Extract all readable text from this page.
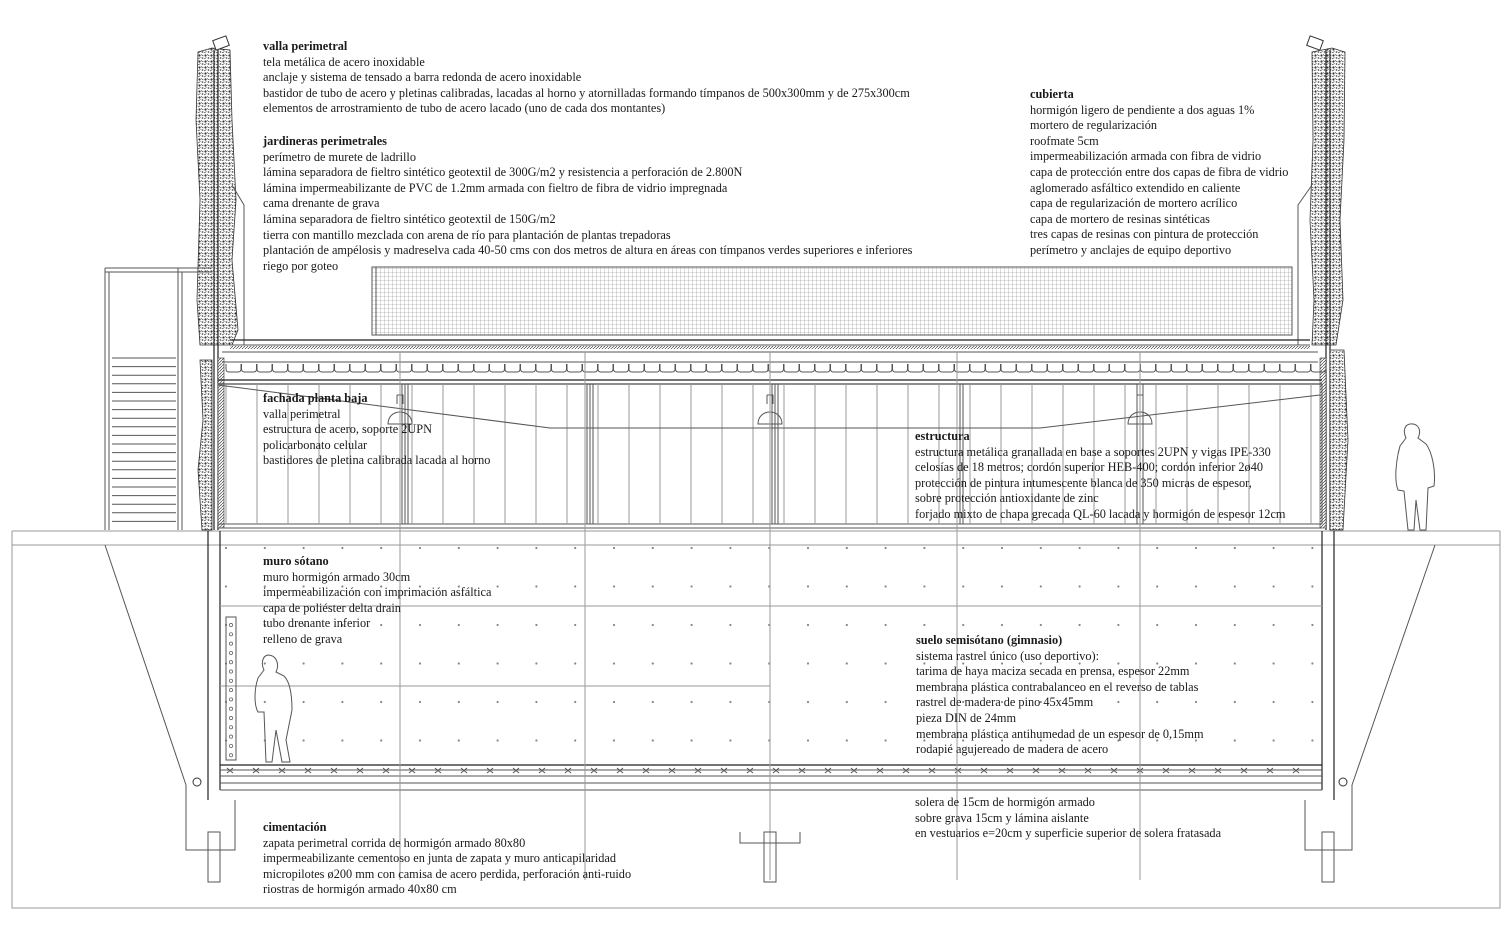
valla perimetral
tela metálica de acero inoxidable
anclaje y sistema de tensado a barra redonda de acero inoxidable
bastidor de tubo de acero y pletinas calibradas, lacadas al horno y atornilladas formando tímpanos de 500x300mm y de 275x300cm
elementos de arrostramiento de tubo de acero lacado (uno de cada dos montantes)
jardineras perimetrales
perímetro de murete de ladrillo
lámina separadora de fieltro sintético geotextil de 300G/m2 y resistencia a perforación de 2.800N
lámina impermeabilizante de PVC de 1.2mm armada con fieltro de fibra de vidrio impregnada
cama drenante de grava
lámina separadora de fieltro sintético geotextil de 150G/m2
tierra con mantillo mezclada con arena de río para plantación de plantas trepadoras
plantación de ampélosis y madreselva cada 40-50 cms con dos metros de altura en áreas con tímpanos verdes superiores e inferiores
riego por goteo
cubierta
hormigón ligero de pendiente a dos aguas 1%
mortero de regularización
roofmate 5cm
impermeabilización armada con fibra de vidrio
capa de protección entre dos capas de fibra de vidrio
aglomerado asfáltico extendido en caliente
capa de regularización de mortero acrílico
capa de mortero de resinas sintéticas
tres capas de resinas con pintura de protección
perímetro y anclajes de equipo deportivo
fachada planta baja
valla perimetral
estructura de acero, soporte 2UPN
policarbonato celular
bastidores de pletina calibrada lacada al horno
estructura
estructura metálica granallada en base a soportes 2UPN y vigas IPE-330
celosías de 18 metros; cordón superior HEB-400; cordón inferior 2ø40
protección de pintura intumescente blanca de 350 micras de espesor,
sobre protección antioxidante de zinc
forjado mixto de chapa grecada QL-60 lacada y hormigón de espesor 12cm
muro sótano
muro hormigón armado 30cm
impermeabilización con imprimación asfáltica
capa de poliéster delta drain
tubo drenante inferior
relleno de grava	suelo semisótano (gimnasio)
sistema rastrel único (uso deportivo):
tarima de haya maciza secada en prensa, espesor 22mm
membrana plástica contrabalanceo en el reverso de tablas
rastrel de madera de pino 45x45mm
pieza DIN de 24mm
membrana plástica antihumedad de un espesor de 0,15mm
rodapié agujereado de madera de acero
solera de 15cm de hormigón armado
sobre grava 15cm y lámina aislante
en vestuarios e=20cm y superficie superior de solera fratasada
cimentación
zapata perimetral corrida de hormigón armado 80x80
impermeabilizante cementoso en junta de zapata y muro anticapilaridad
micropilotes ø200 mm con camisa de acero perdida, perforación anti-ruido
riostras de hormigón armado 40x80 cm
